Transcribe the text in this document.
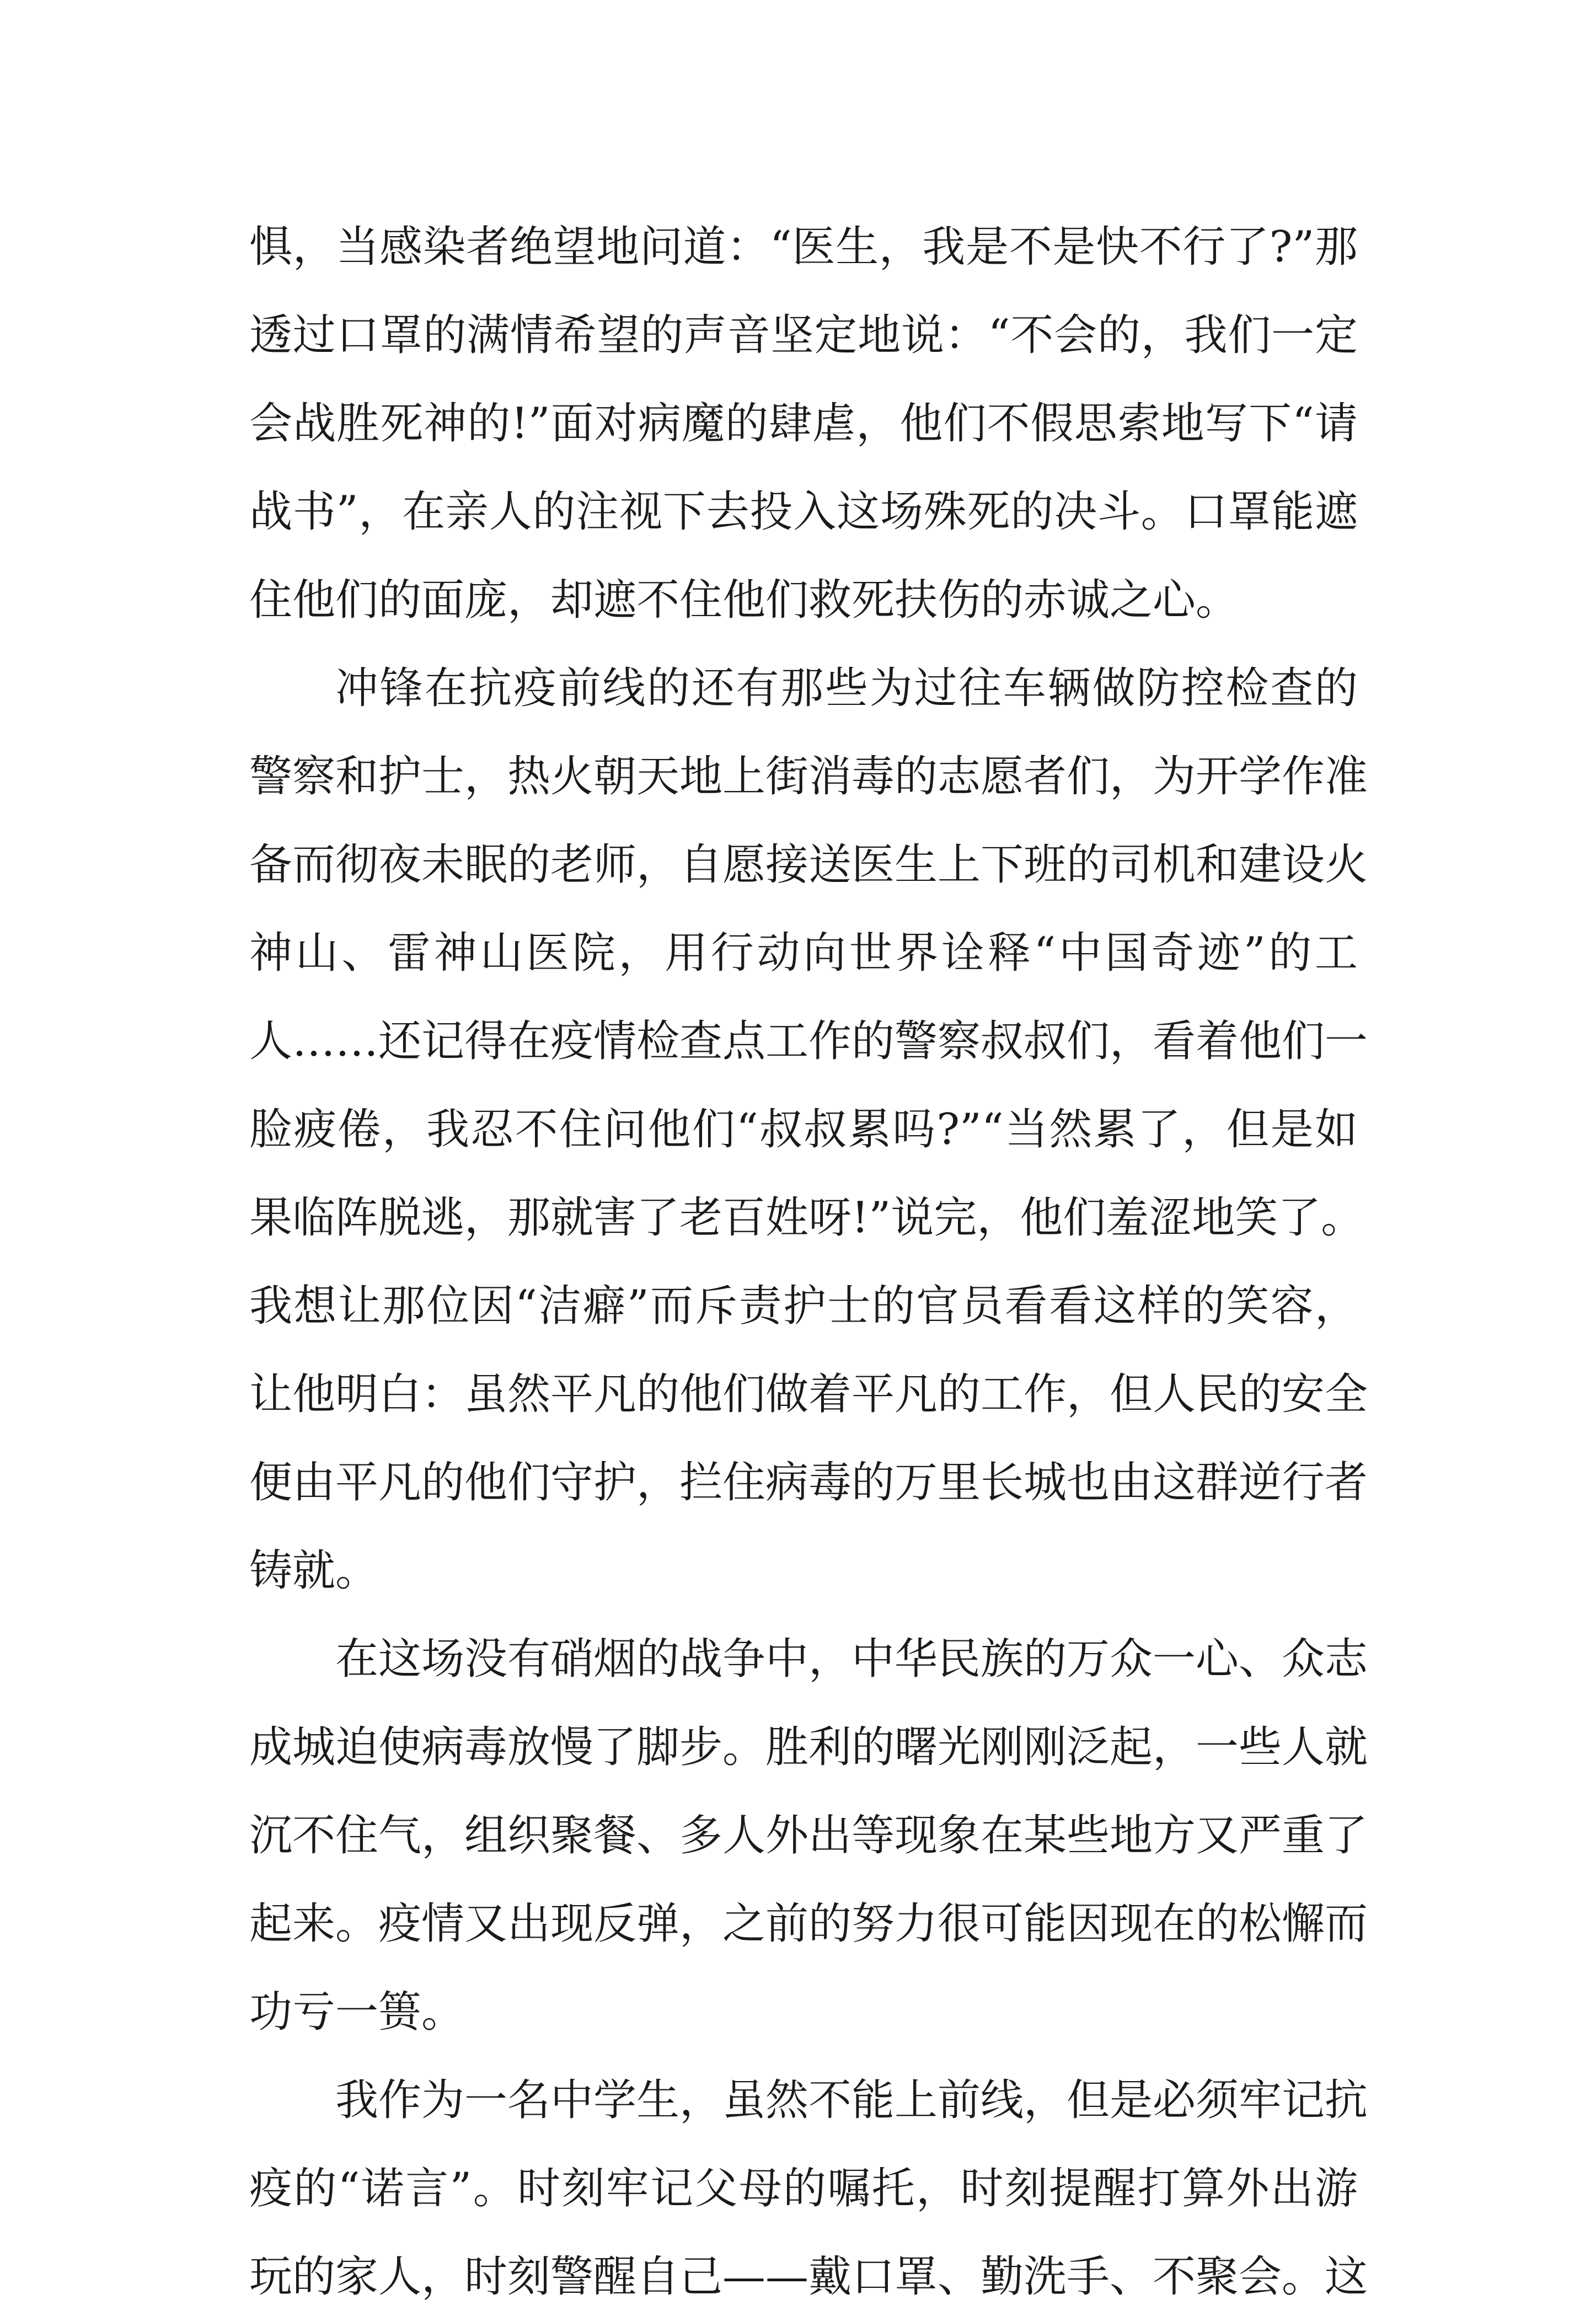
惧，当感染者绝望地问道：“医生，我是不是快不行了?”那
透过口罩的满情希望的声音坚定地说：“不会的，我们一定
会战胜死神的!”面对病魔的肆虐，他们不假思索地写下“请
战书”，在亲人的注视下去投入这场殊死的决斗。口罩能遮
住他们的面庞，却遮不住他们救死扶伤的赤诚之心。
冲锋在抗疫前线的还有那些为过往车辆做防控检查的
警察和护士，热火朝天地上街消毒的志愿者们，为开学作准
备而彻夜未眠的老师，自愿接送医生上下班的司机和建设火
神山、雷神山医院，用行动向世界诠释“中国奇迹”的工
人……还记得在疫情检查点工作的警察叔叔们，看着他们一
脸疲倦，我忍不住问他们“叔叔累吗?”“当然累了，但是如
果临阵脱逃，那就害了老百姓呀!”说完，他们羞涩地笑了。
我想让那位因“洁癖”而斥责护士的官员看看这样的笑容，
让他明白：虽然平凡的他们做着平凡的工作，但人民的安全
便由平凡的他们守护，拦住病毒的万里长城也由这群逆行者
铸就。
在这场没有硝烟的战争中，中华民族的万众一心、众志
成城迫使病毒放慢了脚步。胜利的曙光刚刚泛起，一些人就
沉不住气，组织聚餐、多人外出等现象在某些地方又严重了
起来。疫情又出现反弹，之前的努力很可能因现在的松懈而
功亏一篑。
我作为一名中学生，虽然不能上前线，但是必须牢记抗
疫的“诺言”。时刻牢记父母的嘱托，时刻提醒打算外出游
玩的家人，时刻警醒自己——戴口罩、勤洗手、不聚会。这
